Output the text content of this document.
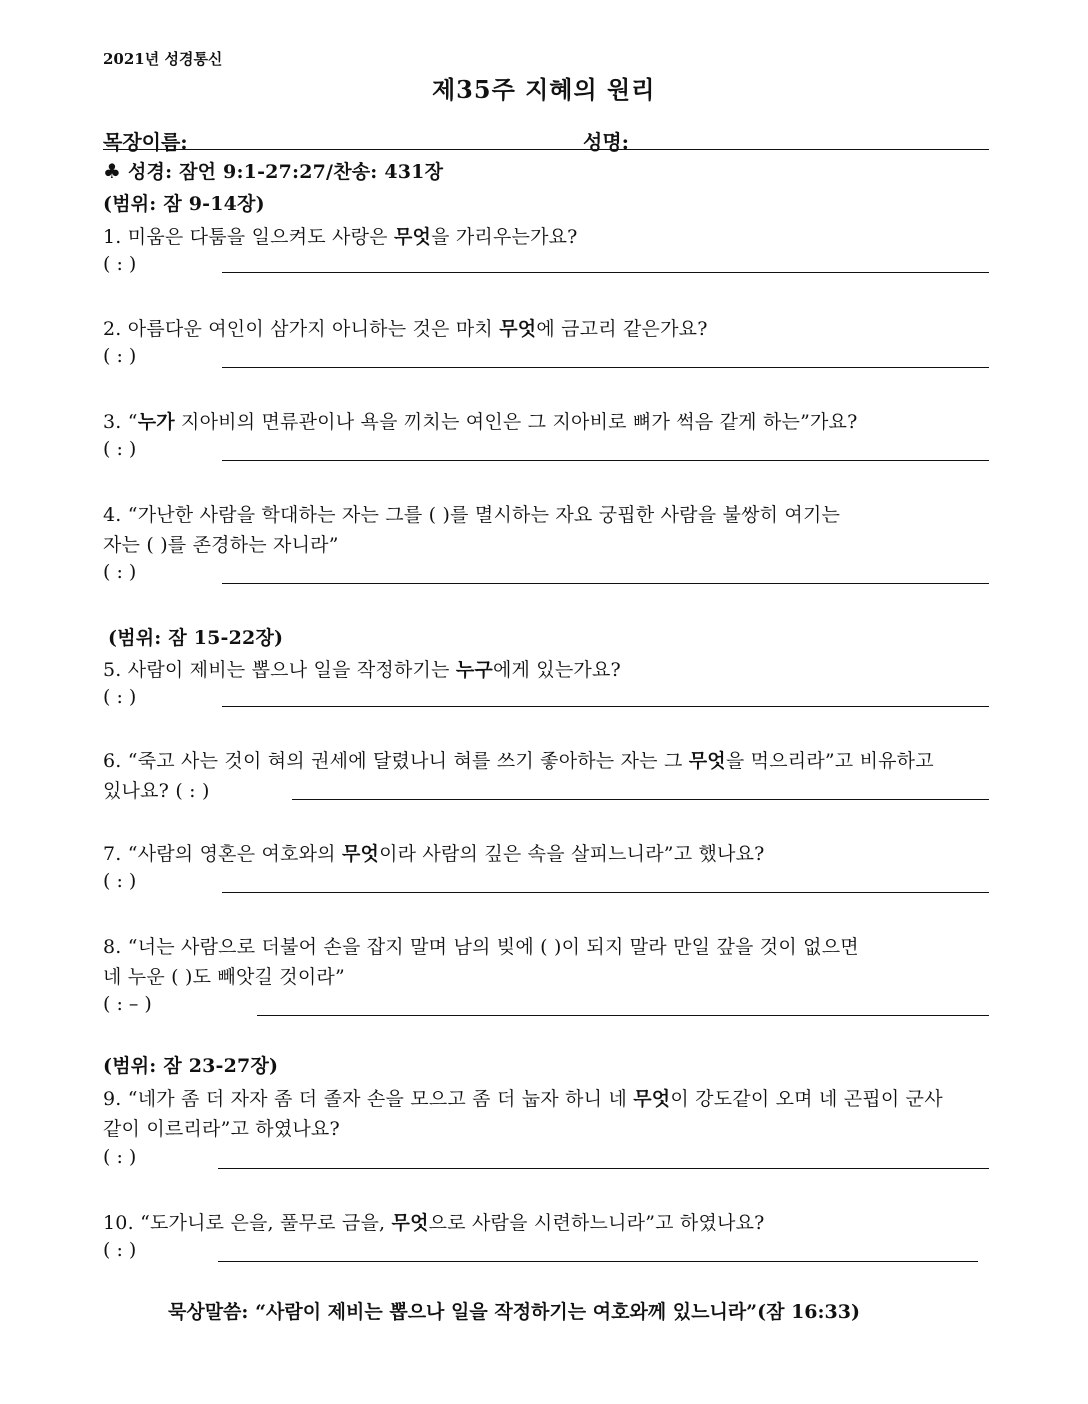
2021년 성경통신
제35주 지혜의 원리
목장이름:	성명:
♣ 성경: 잠언 9:1-27:27/찬송: 431장
(범위: 잠 9-14장)
1. 미움은 다툼을 일으켜도 사랑은 무엇을 가리우는가요?
( : )
2. 아름다운 여인이 삼가지 아니하는 것은 마치 무엇에 금고리 같은가요?
( : )
3. “누가 지아비의 면류관이나 욕을 끼치는 여인은 그 지아비로 뼈가 썩음 같게 하는”가요?
( : )
4. “가난한 사람을 학대하는 자는 그를 ( )를 멸시하는 자요 궁핍한 사람을 불쌍히 여기는
자는 ( )를 존경하는 자니라”
( : )
(범위: 잠 15-22장)
5. 사람이 제비는 뽑으나 일을 작정하기는 누구에게 있는가요?
( : )
6. “죽고 사는 것이 혀의 권세에 달렸나니 혀를 쓰기 좋아하는 자는 그 무엇을 먹으리라”고 비유하고
있나요? ( : )
7. “사람의 영혼은 여호와의 무엇이라 사람의 깊은 속을 살피느니라”고 했나요?
( : )
8. “너는 사람으로 더불어 손을 잡지 말며 남의 빚에 ( )이 되지 말라 만일 갚을 것이 없으면
네 누운 ( )도 빼앗길 것이라”
( : – )
(범위: 잠 23-27장)
9. “네가 좀 더 자자 좀 더 졸자 손을 모으고 좀 더 눕자 하니 네 무엇이 강도같이 오며 네 곤핍이 군사
같이 이르리라”고 하였나요?
( : )
10. “도가니로 은을, 풀무로 금을, 무엇으로 사람을 시련하느니라”고 하였나요?
( : )
묵상말씀: “사람이 제비는 뽑으나 일을 작정하기는 여호와께 있느니라”(잠 16:33)
